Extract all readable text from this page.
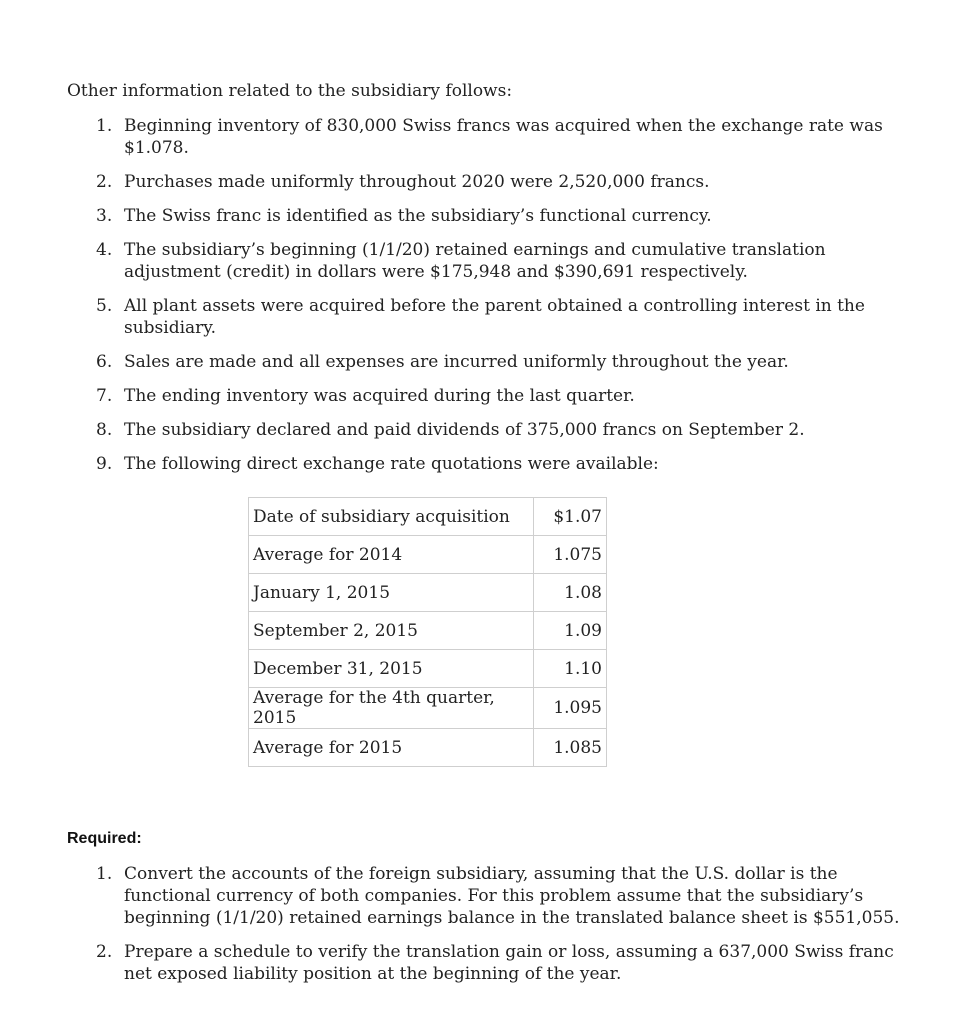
Other information related to the subsidiary follows:
1. Beginning inventory of 830,000 Swiss francs was acquired when the exchange rate was $1.078.
2. Purchases made uniformly throughout 2020 were 2,520,000 francs.
3. The Swiss franc is identified as the subsidiary’s functional currency.
4. The subsidiary’s beginning (1/1/20) retained earnings and cumulative translation adjustment (credit) in dollars were $175,948 and $390,691 respectively.
5. All plant assets were acquired before the parent obtained a controlling interest in the subsidiary.
6. Sales are made and all expenses are incurred uniformly throughout the year.
7. The ending inventory was acquired during the last quarter.
8. The subsidiary declared and paid dividends of 375,000 francs on September 2.
9. The following direct exchange rate quotations were available:
Date of subsidiary acquisition	$1.07
Average for 2014	1.075
January 1, 2015	1.08
September 2, 2015	1.09
December 31, 2015	1.10
Average for the 4th quarter, 2015	1.095
Average for 2015	1.085
Required:
1. Convert the accounts of the foreign subsidiary, assuming that the U.S. dollar is the functional currency of both companies. For this problem assume that the subsidiary’s beginning (1/1/20) retained earnings balance in the translated balance sheet is $551,055.
2. Prepare a schedule to verify the translation gain or loss, assuming a 637,000 Swiss franc net exposed liability position at the beginning of the year.
